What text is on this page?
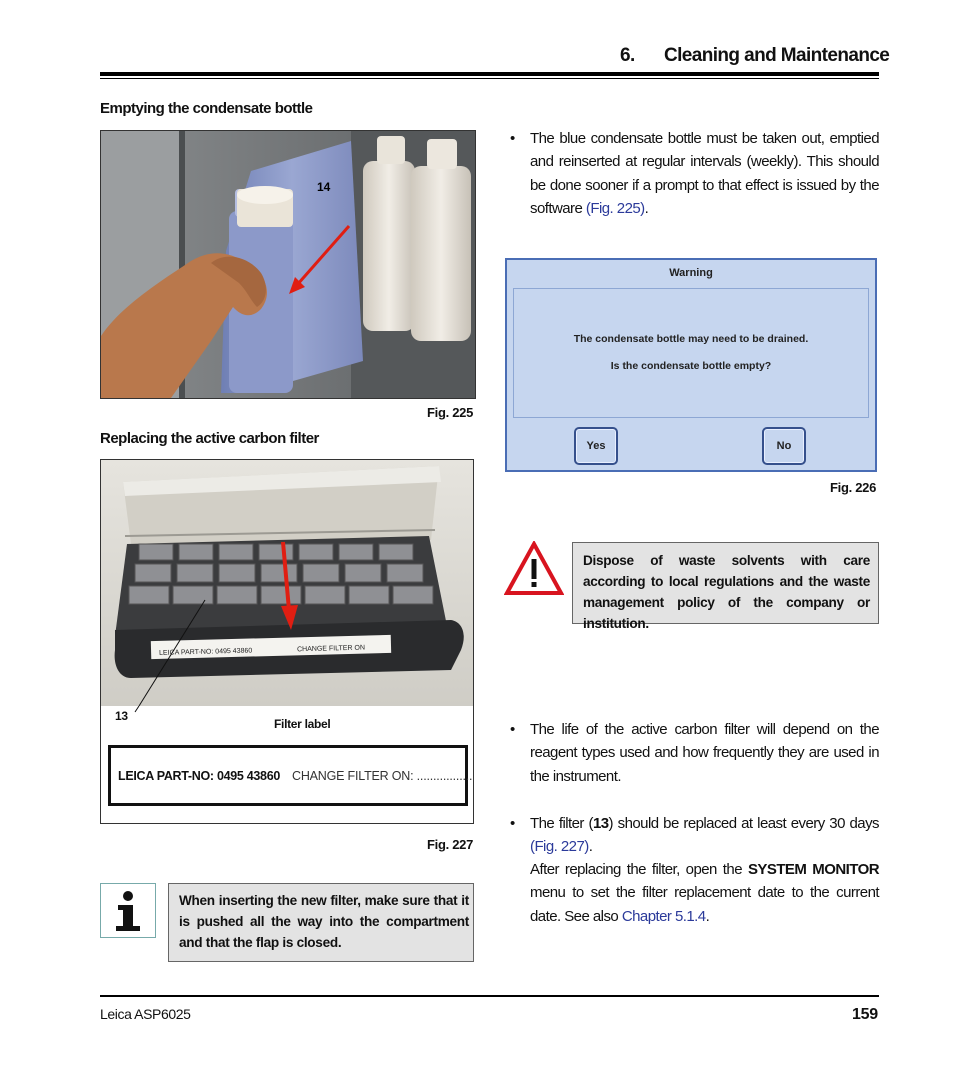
6. Cleaning and Maintenance
Emptying the condensate bottle
14
Fig. 225
Replacing the active carbon filter
LEICA PART-NO: 0495 43860	CHANGE FILTER ON
13
Filter label
LEICA PART-NO: 0495 43860 CHANGE FILTER ON: .................
Fig. 227
When inserting the new filter, make sure that it is pushed all the way into the compartment and that the flap is closed.
• The blue condensate bottle must be taken out, emptied and reinserted at regular intervals (weekly). This should be done sooner if a prompt to that effect is issued by the software (Fig. 225).
Warning
The condensate bottle may need to be drained.
Is the condensate bottle empty?
Yes	No
Fig. 226
Dispose of waste solvents with care according to local regulations and the waste management policy of the company or institution.
• The life of the active carbon filter will depend on the reagent types used and how frequently they are used in the instrument.
• The filter (13) should be replaced at least every 30 days (Fig. 227).
After replacing the filter, open the SYSTEM MONITOR menu to set the filter replacement date to the current date. See also Chapter 5.1.4.
Leica ASP6025	159
